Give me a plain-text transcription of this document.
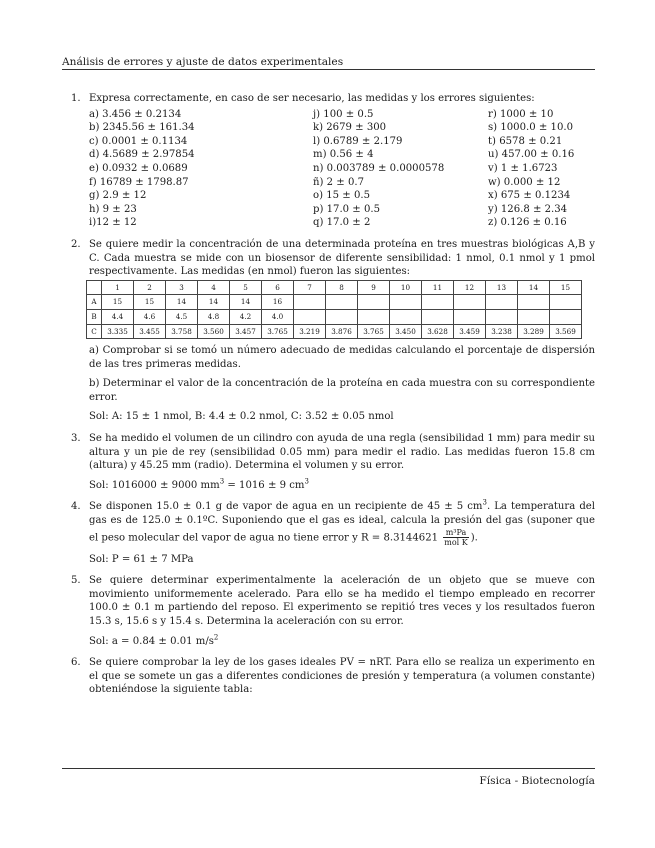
Análisis de errores y ajuste de datos experimentales
1. Expresa correctamente, en caso de ser necesario, las medidas y los errores siguientes:
a) 3.456 ± 0.2134	j) 100 ± 0.5	r) 1000 ± 10
b) 2345.56 ± 161.34	k) 2679 ± 300	s) 1000.0 ± 10.0
c) 0.0001 ± 0.1134	l) 0.6789 ± 2.179	t) 6578 ± 0.21
d) 4.5689 ± 2.97854	m) 0.56 ± 4	u) 457.00 ± 0.16
e) 0.0932 ± 0.0689	n) 0.003789 ± 0.0000578	v) 1 ± 1.6723
f) 16789 ± 1798.87	ñ) 2 ± 0.7	w) 0.000 ± 12
g) 2.9 ± 12	o) 15 ± 0.5	x) 675 ± 0.1234
h) 9 ± 23	p) 17.0 ± 0.5	y) 126.8 ± 2.34
i)12 ± 12	q) 17.0 ± 2	z) 0.126 ± 0.16
2. Se quiere medir la concentración de una determinada proteína en tres muestras biológicas A,B y C. Cada muestra se mide con un biosensor de diferente sensibilidad: 1 nmol, 0.1 nmol y 1 pmol respectivamente. Las medidas (en nmol) fueron las siguientes:
	1	2	3	4	5	6	7	8	9	10	11	12	13	14	15
A	15	15	14	14	14	16									
B	4.4	4.6	4.5	4.8	4.2	4.0									
C	3.335	3.455	3.758	3.560	3.457	3.765	3.219	3.876	3.765	3.450	3.628	3.459	3.238	3.289	3.569
a) Comprobar si se tomó un número adecuado de medidas calculando el porcentaje de dispersión de las tres primeras medidas.
b) Determinar el valor de la concentración de la proteína en cada muestra con su correspondiente error.
Sol: A: 15 ± 1 nmol, B: 4.4 ± 0.2 nmol, C: 3.52 ± 0.05 nmol
3. Se ha medido el volumen de un cilindro con ayuda de una regla (sensibilidad 1 mm) para medir su altura y un pie de rey (sensibilidad 0.05 mm) para medir el radio. Las medidas fueron 15.8 cm (altura) y 45.25 mm (radio). Determina el volumen y su error.
Sol: 1016000 ± 9000 $mm^3 = 1016 \pm 9$ $cm^3$
4. Se disponen 15.0 ± 0.1 g de vapor de agua en un recipiente de 45 ± 5 $cm^3$. La temperatura del gas es de 125.0 ± 0.1ºC. Suponiendo que el gas es ideal, calcula la presión del gas (suponer que el peso molecular del vapor de agua no tiene error y $R = 8.3144621 \frac{\text{m³Pa}}{\text{mol K}}$ ).
Sol: P = 61 ± 7 MPa
5. Se quiere determinar experimentalmente la aceleración de un objeto que se mueve con movimiento uniformemente acelerado. Para ello se ha medido el tiempo empleado en recorrer 100.0 ± 0.1 m partiendo del reposo. El experimento se repitió tres veces y los resultados fueron 15.3 s, 15.6 s y 15.4 s. Determina la aceleración con su error.
Sol: a = 0.84 ± 0.01 $m/s^2$
6. Se quiere comprobar la ley de los gases ideales PV = nRT. Para ello se realiza un experimento en el que se somete un gas a diferentes condiciones de presión y temperatura (a volumen constante) obteniéndose la siguiente tabla:
Física - Biotecnología
